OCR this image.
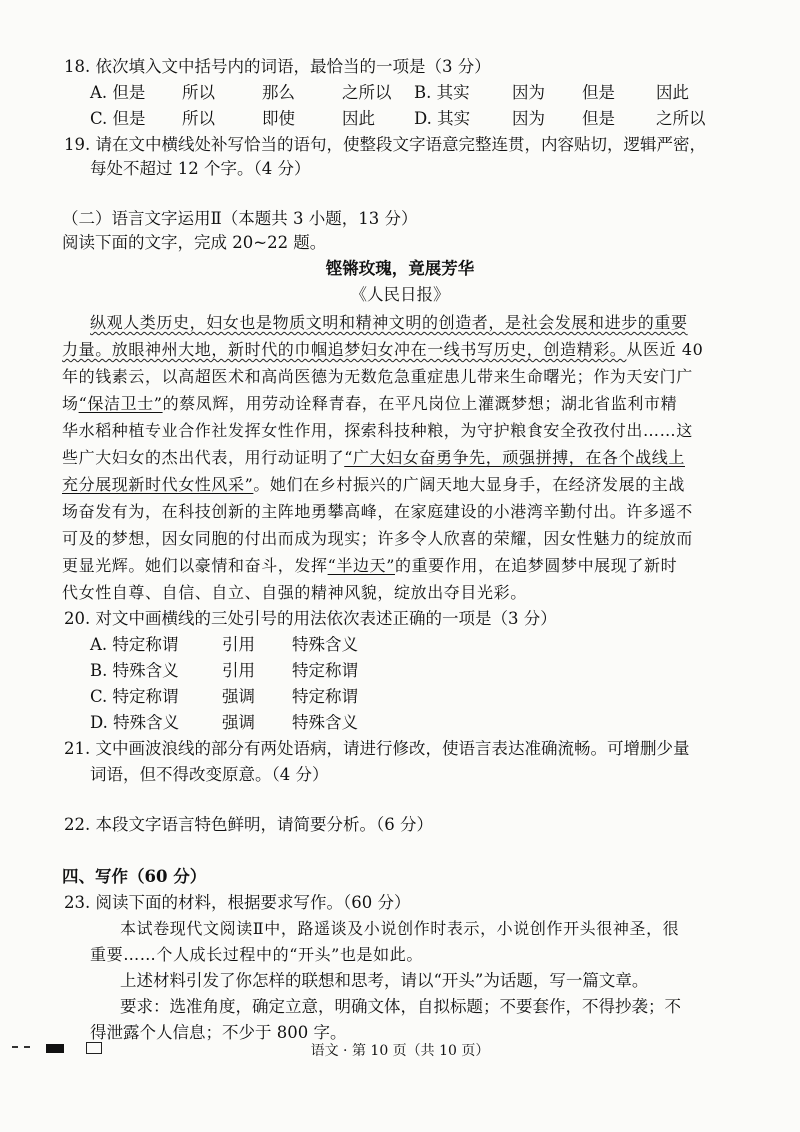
18. 依次填入文中括号内的词语，最恰当的一项是（3 分）
A. 但是 所以	那么	之所以 B. 其实	因为 但是 因此
C. 但是 所以	即使	因此 D. 其实	因为 但是 之所以
19. 请在文中横线处补写恰当的语句，使整段文字语意完整连贯，内容贴切，逻辑严密，
每处不超过 12 个字。（4 分）
（二）语言文字运用Ⅱ（本题共 3 小题，13 分）
阅读下面的文字，完成 20~22 题。
铿锵玫瑰，竟展芳华
《人民日报》
纵观人类历史，妇女也是物质文明和精神文明的创造者，是社会发展和进步的重要
力量。放眼神州大地，新时代的巾帼追梦妇女冲在一线书写历史，创造精彩。从医近 40
年的钱素云，以高超医术和高尚医德为无数危急重症患儿带来生命曙光；作为天安门广
场“保洁卫士”的蔡凤辉，用劳动诠释青春，在平凡岗位上灌溉梦想；湖北省监利市精
华水稻种植专业合作社发挥女性作用，探索科技种粮，为守护粮食安全孜孜付出……这
些广大妇女的杰出代表，用行动证明了“广大妇女奋勇争先，顽强拼搏，在各个战线上
充分展现新时代女性风采”。她们在乡村振兴的广阔天地大显身手，在经济发展的主战
场奋发有为，在科技创新的主阵地勇攀高峰，在家庭建设的小港湾辛勤付出。许多遥不
可及的梦想，因女同胞的付出而成为现实；许多令人欣喜的荣耀，因女性魅力的绽放而
更显光辉。她们以豪情和奋斗，发挥“半边天”的重要作用，在追梦圆梦中展现了新时
代女性自尊、自信、自立、自强的精神风貌，绽放出夺目光彩。
20. 对文中画横线的三处引号的用法依次表述正确的一项是（3 分）
A. 特定称谓	引用 特殊含义
B. 特殊含义	引用 特定称谓
C. 特定称谓	强调 特定称谓
D. 特殊含义	强调 特殊含义
21. 文中画波浪线的部分有两处语病，请进行修改，使语言表达准确流畅。可增删少量
词语，但不得改变原意。（4 分）
22. 本段文字语言特色鲜明，请简要分析。（6 分）
四、写作（60 分）
23. 阅读下面的材料，根据要求写作。（60 分）
本试卷现代文阅读Ⅱ中，路遥谈及小说创作时表示，小说创作开头很神圣，很
重要……个人成长过程中的“开头”也是如此。
上述材料引发了你怎样的联想和思考，请以“开头”为话题，写一篇文章。
要求：选准角度，确定立意，明确文体，自拟标题；不要套作，不得抄袭；不
得泄露个人信息；不少于 800 字。
语文 · 第 10 页（共 10 页）
